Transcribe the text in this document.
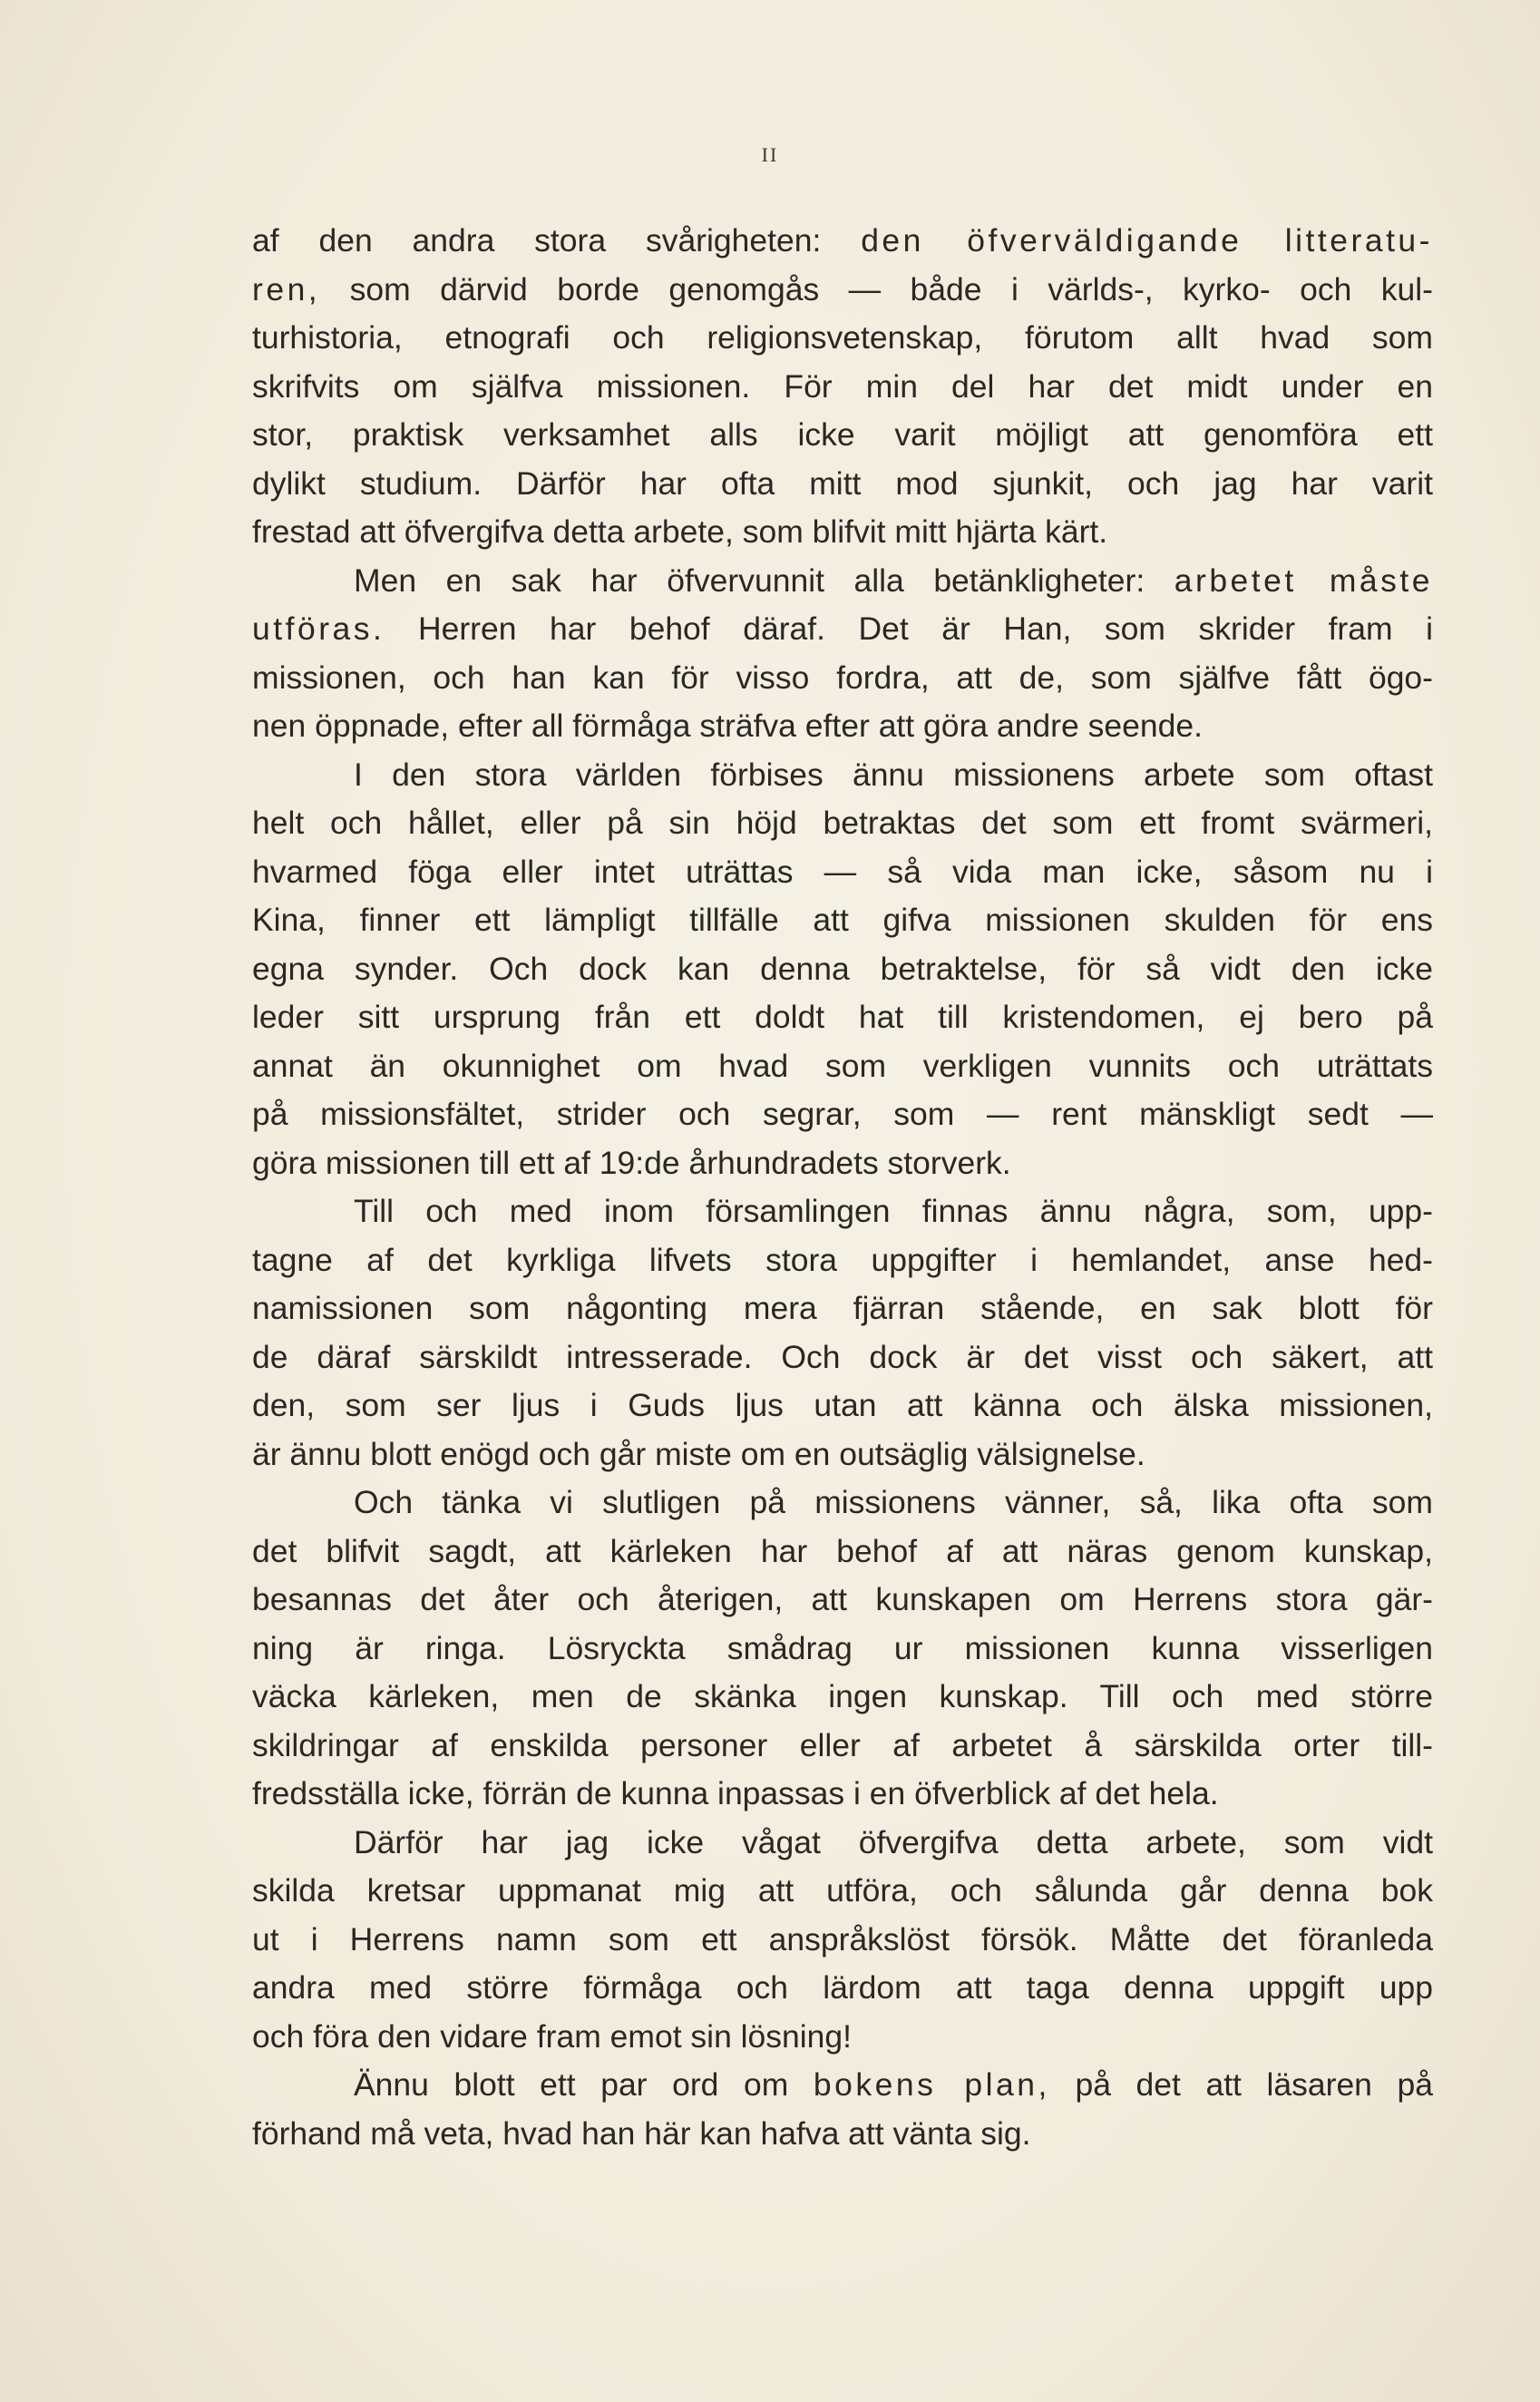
II
af den andra stora svårigheten: den öfverväldigande litteratu-
ren, som därvid borde genomgås — både i världs-, kyrko- och kul-
turhistoria, etnografi och religionsvetenskap, förutom allt hvad som
skrifvits om själfva missionen. För min del har det midt under en
stor, praktisk verksamhet alls icke varit möjligt att genomföra ett
dylikt studium. Därför har ofta mitt mod sjunkit, och jag har varit
frestad att öfvergifva detta arbete, som blifvit mitt hjärta kärt.
Men en sak har öfvervunnit alla betänkligheter: arbetet måste
utföras. Herren har behof däraf. Det är Han, som skrider fram i
missionen, och han kan för visso fordra, att de, som själfve fått ögo-
nen öppnade, efter all förmåga sträfva efter att göra andre seende.
I den stora världen förbises ännu missionens arbete som oftast
helt och hållet, eller på sin höjd betraktas det som ett fromt svärmeri,
hvarmed föga eller intet uträttas — så vida man icke, såsom nu i
Kina, finner ett lämpligt tillfälle att gifva missionen skulden för ens
egna synder. Och dock kan denna betraktelse, för så vidt den icke
leder sitt ursprung från ett doldt hat till kristendomen, ej bero på
annat än okunnighet om hvad som verkligen vunnits och uträttats
på missionsfältet, strider och segrar, som — rent mänskligt sedt —
göra missionen till ett af 19:de århundradets storverk.
Till och med inom församlingen finnas ännu några, som, upp-
tagne af det kyrkliga lifvets stora uppgifter i hemlandet, anse hed-
namissionen som någonting mera fjärran stående, en sak blott för
de däraf särskildt intresserade. Och dock är det visst och säkert, att
den, som ser ljus i Guds ljus utan att känna och älska missionen,
är ännu blott enögd och går miste om en outsäglig välsignelse.
Och tänka vi slutligen på missionens vänner, så, lika ofta som
det blifvit sagdt, att kärleken har behof af att näras genom kunskap,
besannas det åter och återigen, att kunskapen om Herrens stora gär-
ning är ringa. Lösryckta smådrag ur missionen kunna visserligen
väcka kärleken, men de skänka ingen kunskap. Till och med större
skildringar af enskilda personer eller af arbetet å särskilda orter till-
fredsställa icke, förrän de kunna inpassas i en öfverblick af det hela.
Därför har jag icke vågat öfvergifva detta arbete, som vidt
skilda kretsar uppmanat mig att utföra, och sålunda går denna bok
ut i Herrens namn som ett anspråkslöst försök. Måtte det föranleda
andra med större förmåga och lärdom att taga denna uppgift upp
och föra den vidare fram emot sin lösning!
Ännu blott ett par ord om bokens plan, på det att läsaren på
förhand må veta, hvad han här kan hafva att vänta sig.
